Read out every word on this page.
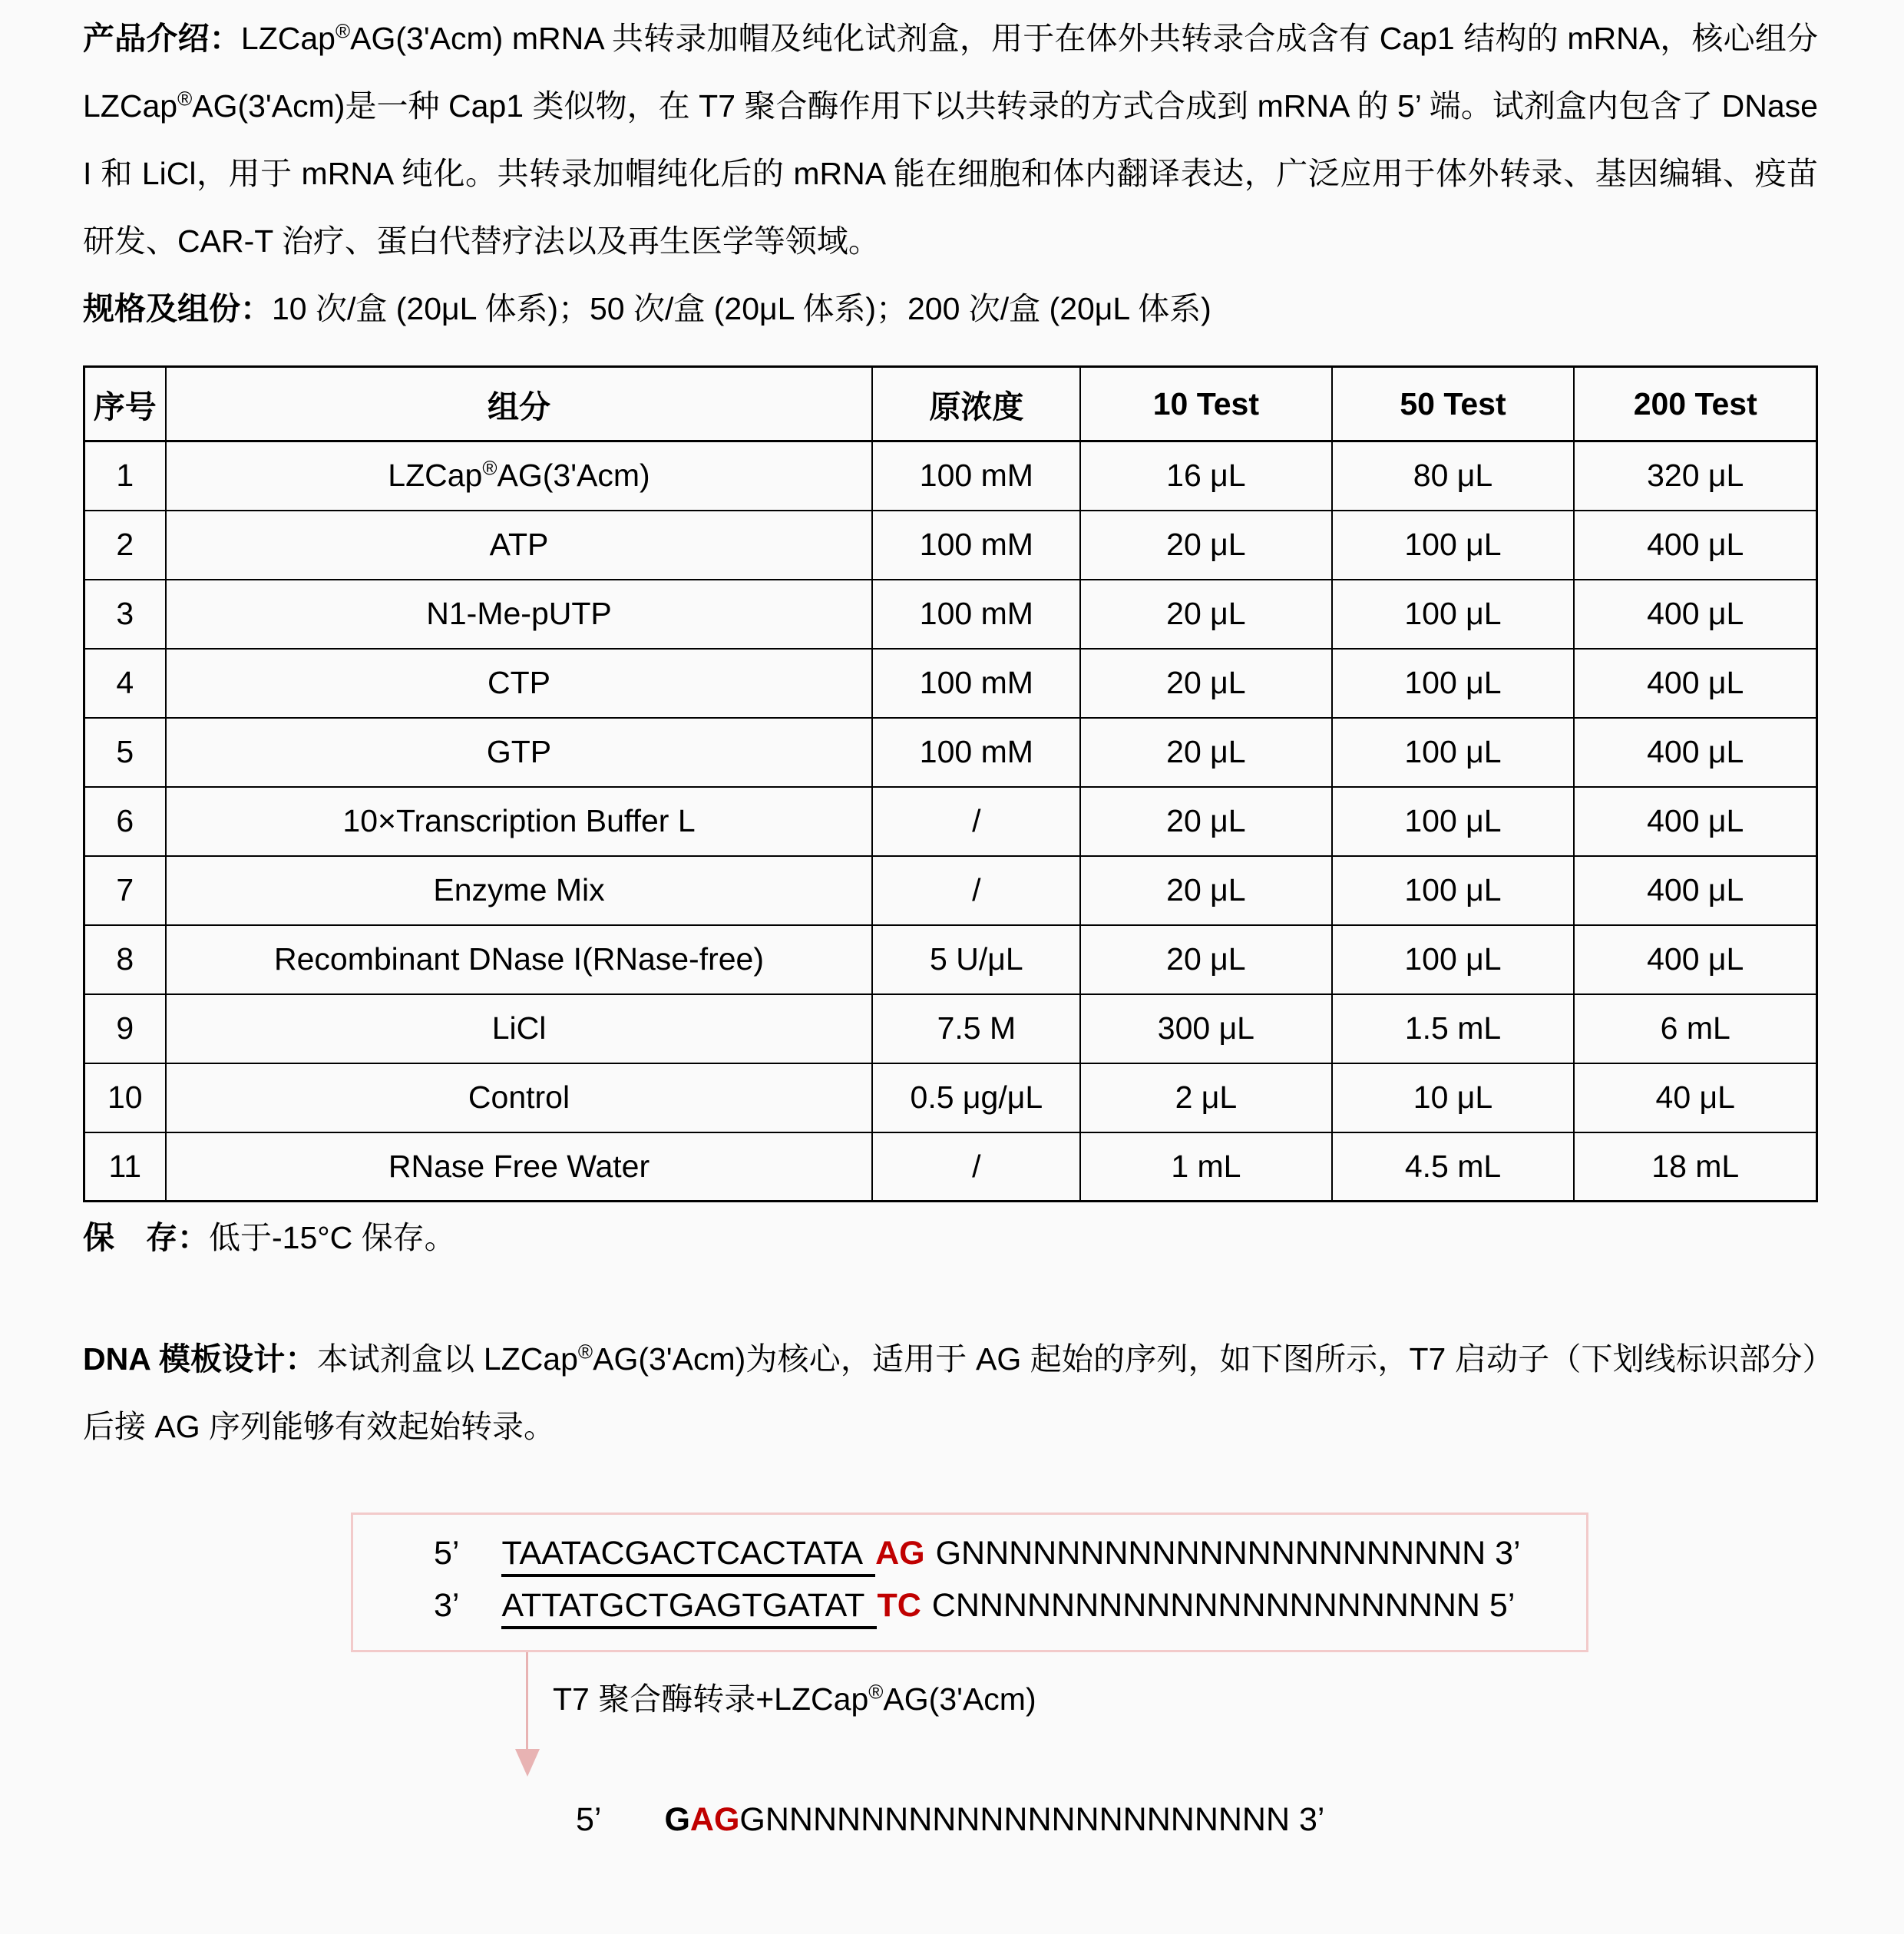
产品介绍：LZCap®AG(3'Acm) mRNA 共转录加帽及纯化试剂盒，用于在体外共转录合成含有 Cap1 结构的 mRNA，核心组分 LZCap®AG(3'Acm)是一种 Cap1 类似物，在 T7 聚合酶作用下以共转录的方式合成到 mRNA 的 5’ 端。试剂盒内包含了 DNase I 和 LiCl，用于 mRNA 纯化。共转录加帽纯化后的 mRNA 能在细胞和体内翻译表达，广泛应用于体外转录、基因编辑、疫苗研发、CAR-T 治疗、蛋白代替疗法以及再生医学等领域。

规格及组份：10 次/盒 (20μL 体系)；50 次/盒 (20μL 体系)；200 次/盒 (20μL 体系)

序号	组分	原浓度	10 Test	50 Test	200 Test
1	LZCap®AG(3'Acm)	100 mM	16 μL	80 μL	320 μL
2	ATP	100 mM	20 μL	100 μL	400 μL
3	N1-Me-pUTP	100 mM	20 μL	100 μL	400 μL
4	CTP	100 mM	20 μL	100 μL	400 μL
5	GTP	100 mM	20 μL	100 μL	400 μL
6	10×Transcription Buffer L	/	20 μL	100 μL	400 μL
7	Enzyme Mix	/	20 μL	100 μL	400 μL
8	Recombinant DNase I(RNase-free)	5 U/μL	20 μL	100 μL	400 μL
9	LiCl	7.5 M	300 μL	1.5 mL	6 mL
10	Control	0.5 μg/μL	2 μL	10 μL	40 μL
11	RNase Free Water	/	1 mL	4.5 mL	18 mL

保　存：低于-15°C 保存。

DNA 模板设计：本试剂盒以 LZCap®AG(3'Acm)为核心，适用于 AG 起始的序列，如下图所示，T7 启动子（下划线标识部分）后接 AG 序列能够有效起始转录。

5’ TAATACGACTCACTATA AG GNNNNNNNNNNNNNNNNNNNNNN 3’
3’ ATTATGCTGAGTGATAT TC CNNNNNNNNNNNNNNNNNNNNNN 5’
T7 聚合酶转录+LZCap®AG(3'Acm)
5’ GAGGNNNNNNNNNNNNNNNNNNNNNN 3’
